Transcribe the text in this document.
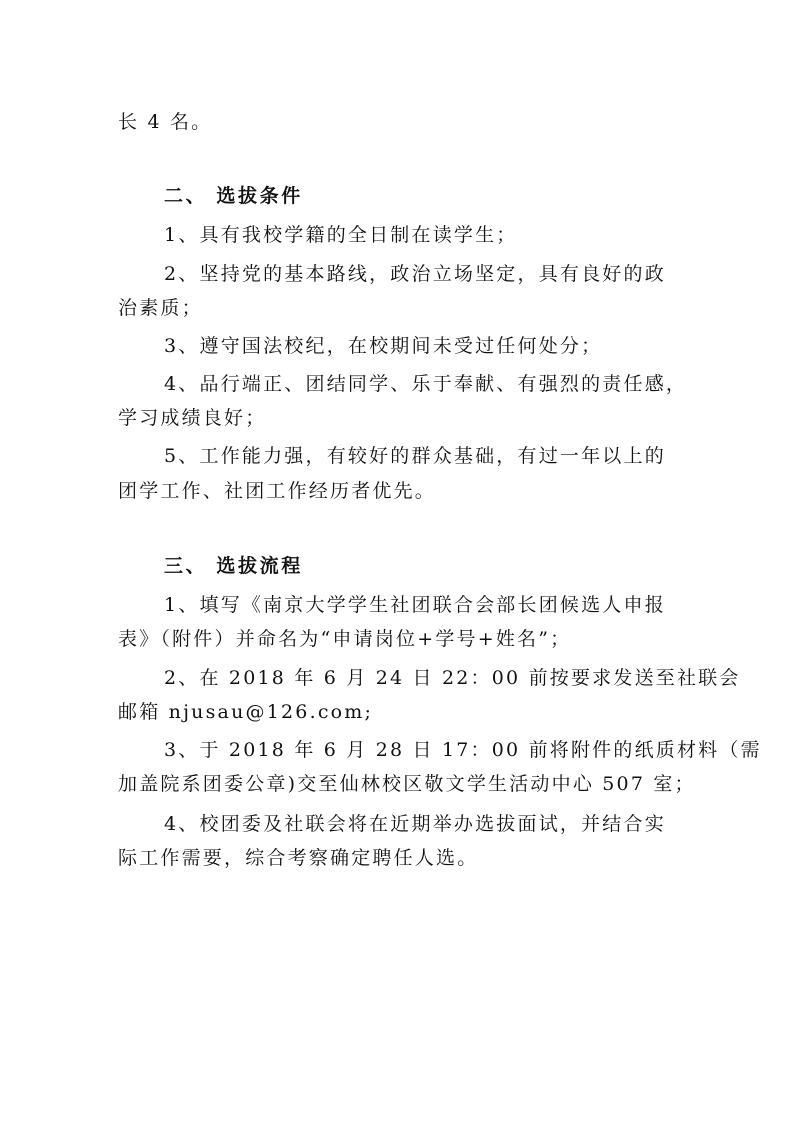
长 4 名。
二、 选拔条件
1、具有我校学籍的全日制在读学生；
2、坚持党的基本路线，政治立场坚定，具有良好的政
治素质；
3、遵守国法校纪，在校期间未受过任何处分；
4、品行端正、团结同学、乐于奉献、有强烈的责任感，
学习成绩良好；
5、工作能力强，有较好的群众基础，有过一年以上的
团学工作、社团工作经历者优先。
三、 选拔流程
1、填写《南京大学学生社团联合会部长团候选人申报
表》（附件）并命名为“申请岗位+学号+姓名”；
2、在 2018 年 6 月 24 日 22：00 前按要求发送至社联会
邮箱 njusau@126.com;
3、于 2018 年 6 月 28 日 17：00 前将附件的纸质材料（需
加盖院系团委公章)交至仙林校区敬文学生活动中心 507 室；
4、校团委及社联会将在近期举办选拔面试，并结合实
际工作需要，综合考察确定聘任人选。
